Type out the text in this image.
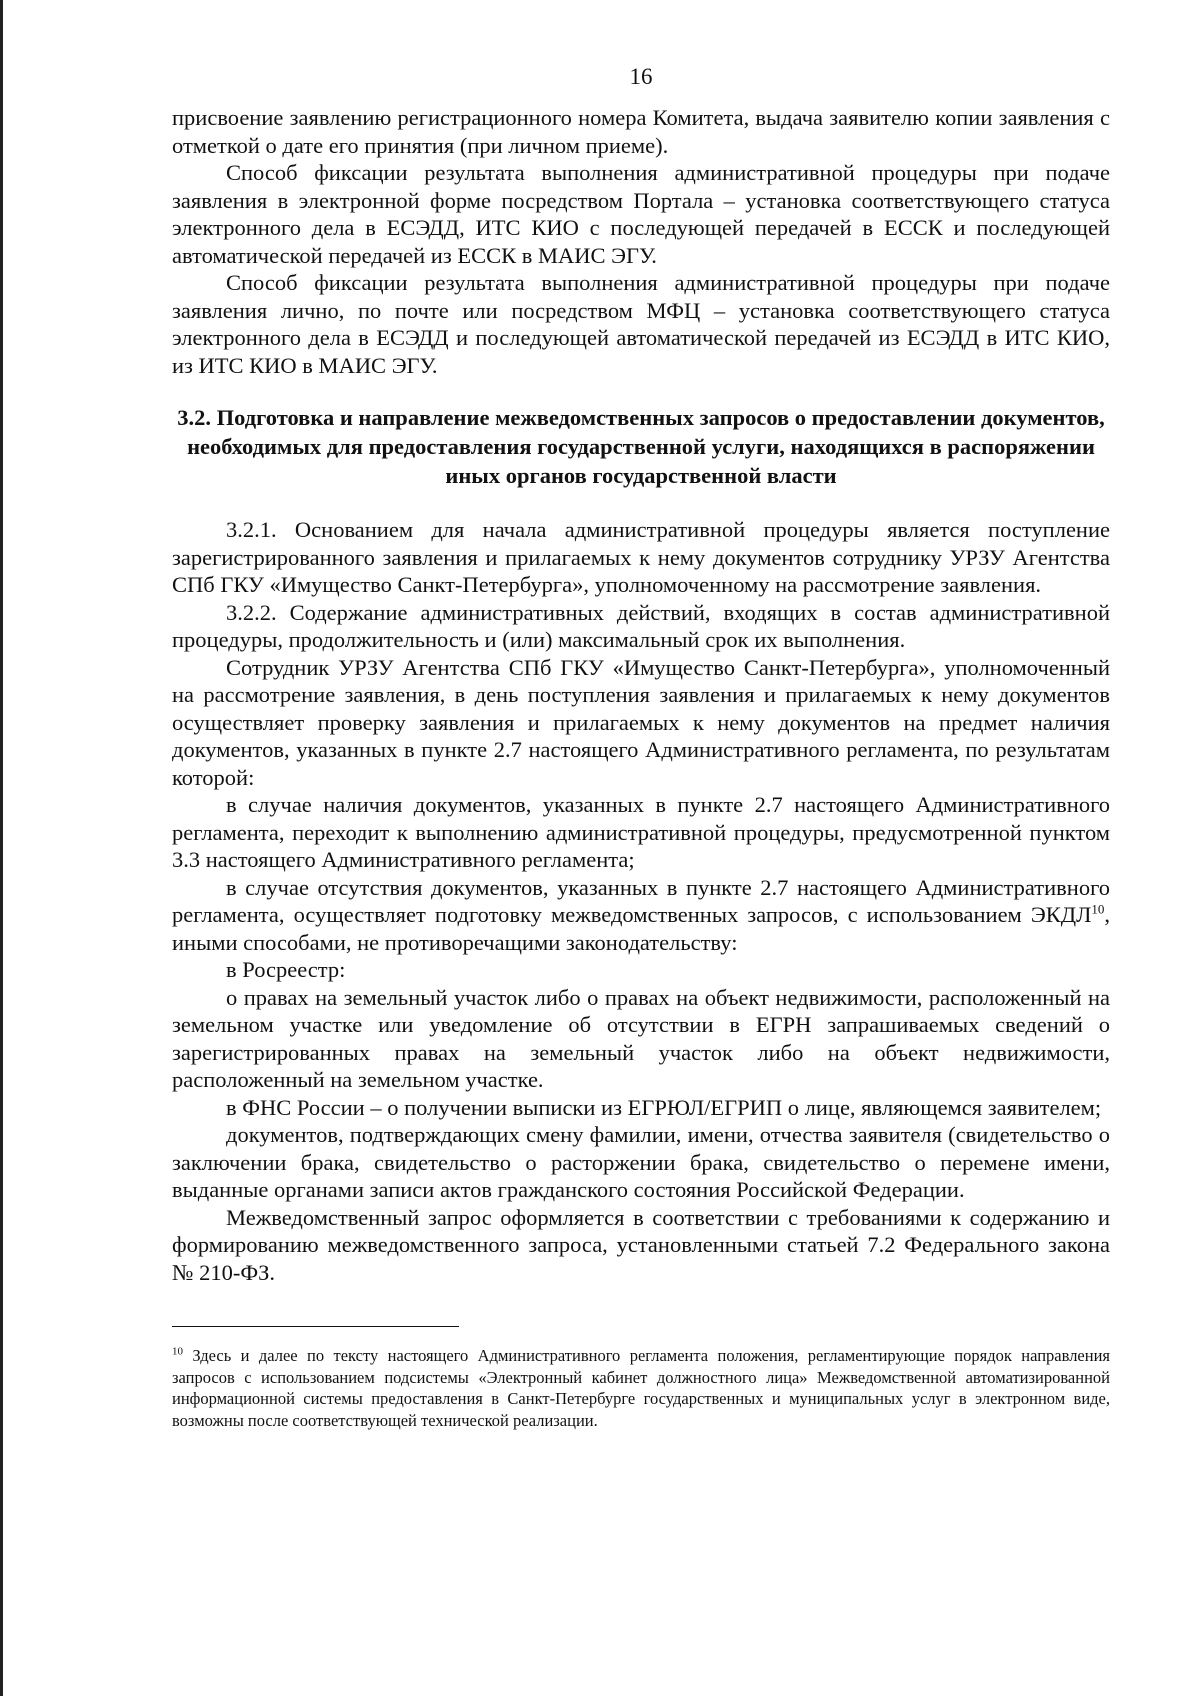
16

присвоение заявлению регистрационного номера Комитета, выдача заявителю копии заявления с отметкой о дате его принятия (при личном приеме).

Способ фиксации результата выполнения административной процедуры при подаче заявления в электронной форме посредством Портала – установка соответствующего статуса электронного дела в ЕСЭДД, ИТС КИО с последующей передачей в ЕССК и последующей автоматической передачей из ЕССК в МАИС ЭГУ.

Способ фиксации результата выполнения административной процедуры при подаче заявления лично, по почте или посредством МФЦ – установка соответствующего статуса электронного дела в ЕСЭДД и последующей автоматической передачей из ЕСЭДД в ИТС КИО, из ИТС КИО в МАИС ЭГУ.

3.2. Подготовка и направление межведомственных запросов о предоставлении документов, необходимых для предоставления государственной услуги, находящихся в распоряжении иных органов государственной власти

3.2.1. Основанием для начала административной процедуры является поступление зарегистрированного заявления и прилагаемых к нему документов сотруднику УРЗУ Агентства СПб ГКУ «Имущество Санкт-Петербурга», уполномоченному на рассмотрение заявления.

3.2.2. Содержание административных действий, входящих в состав административной процедуры, продолжительность и (или) максимальный срок их выполнения.

Сотрудник УРЗУ Агентства СПб ГКУ «Имущество Санкт-Петербурга», уполномоченный на рассмотрение заявления, в день поступления заявления и прилагаемых к нему документов осуществляет проверку заявления и прилагаемых к нему документов на предмет наличия документов, указанных в пункте 2.7 настоящего Административного регламента, по результатам которой:

в случае наличия документов, указанных в пункте 2.7 настоящего Административного регламента, переходит к выполнению административной процедуры, предусмотренной пунктом 3.3 настоящего Административного регламента;

в случае отсутствия документов, указанных в пункте 2.7 настоящего Административного регламента, осуществляет подготовку межведомственных запросов, с использованием ЭКДЛ$^{10}$, иными способами, не противоречащими законодательству:

в Росреестр:

о правах на земельный участок либо о правах на объект недвижимости, расположенный на земельном участке или уведомление об отсутствии в ЕГРН запрашиваемых сведений о зарегистрированных правах на земельный участок либо на объект недвижимости, расположенный на земельном участке.

в ФНС России – о получении выписки из ЕГРЮЛ/ЕГРИП о лице, являющемся заявителем;

документов, подтверждающих смену фамилии, имени, отчества заявителя (свидетельство о заключении брака, свидетельство о расторжении брака, свидетельство о перемене имени, выданные органами записи актов гражданского состояния Российской Федерации.

Межведомственный запрос оформляется в соответствии с требованиями к содержанию и формированию межведомственного запроса, установленными статьей 7.2 Федерального закона № 210-ФЗ.

$^{10}$ Здесь и далее по тексту настоящего Административного регламента положения, регламентирующие порядок направления запросов с использованием подсистемы «Электронный кабинет должностного лица» Межведомственной автоматизированной информационной системы предоставления в Санкт-Петербурге государственных и муниципальных услуг в электронном виде, возможны после соответствующей технической реализации.
